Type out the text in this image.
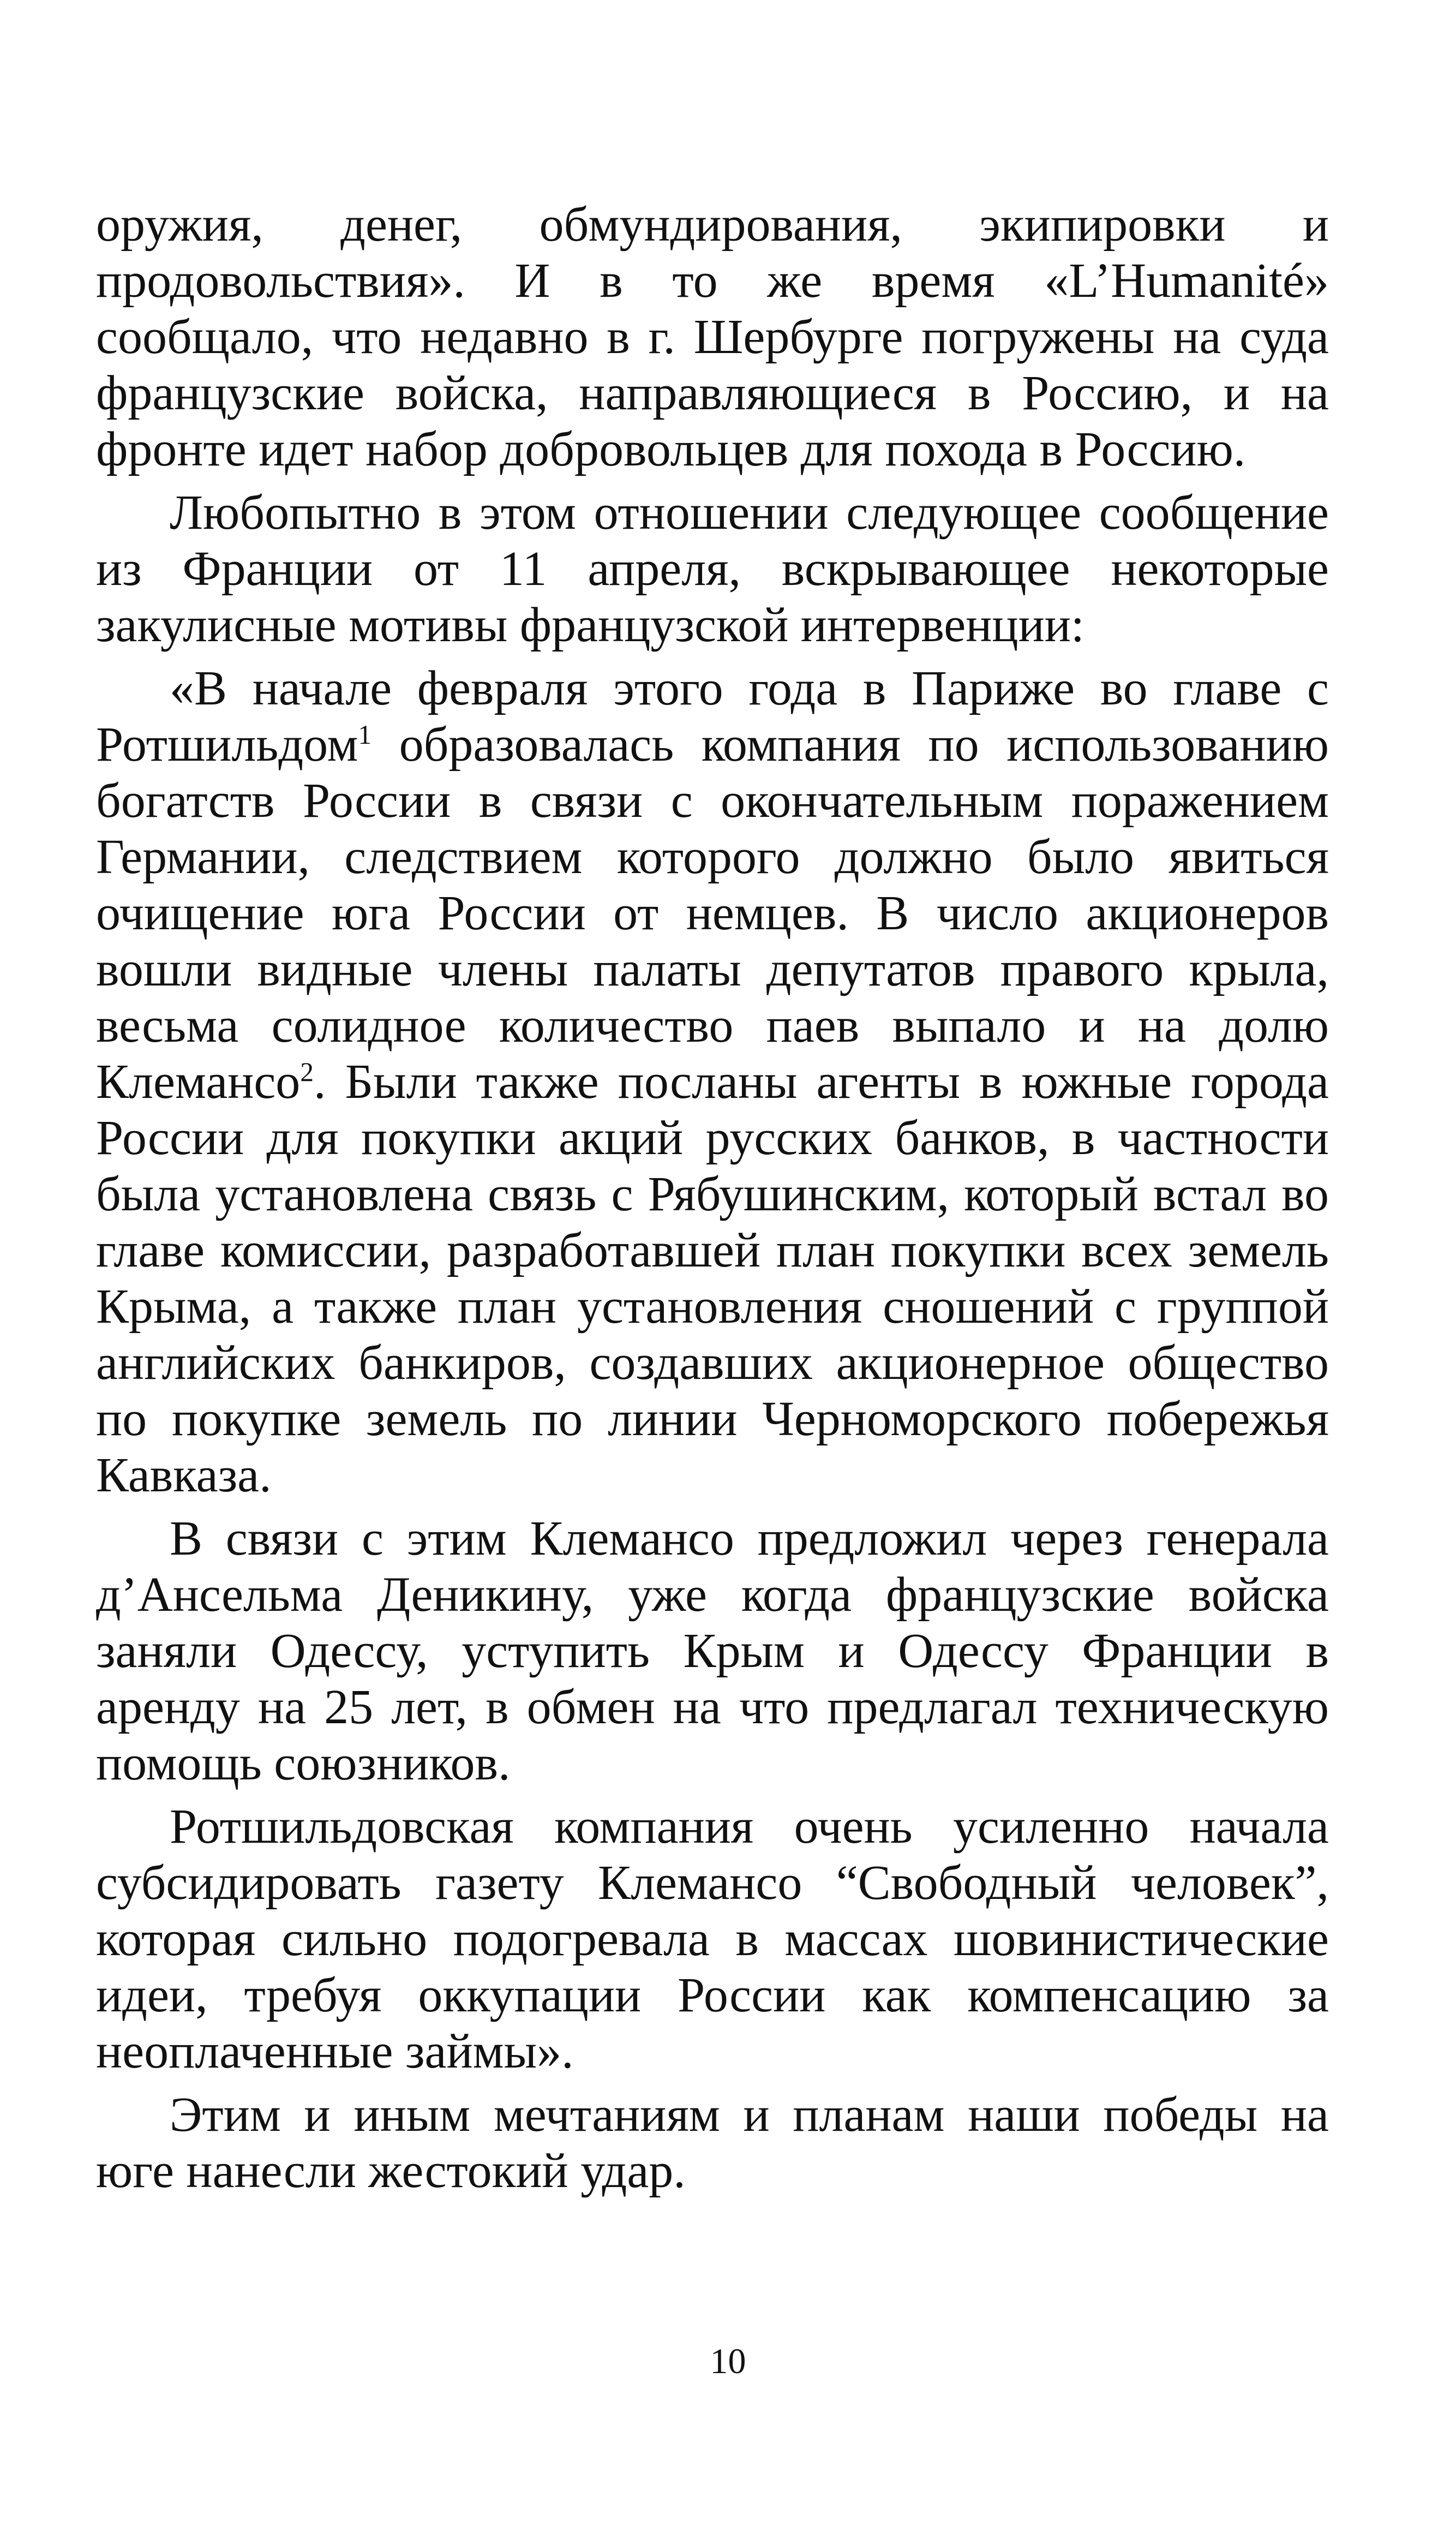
оружия, денег, обмундирования, экипировки и продовольствия». И в то же время «L’Humanité» сообщало, что недавно в г. Шербурге погружены на суда французские войска, направляющиеся в Россию, и на фронте идет набор добровольцев для похода в Россию.

Любопытно в этом отношении следующее сообщение из Франции от 11 апреля, вскрывающее некоторые закулисные мотивы французской интервенции:

«В начале февраля этого года в Париже во главе с Ротшильдом$^1$ образовалась компания по использованию богатств России в связи с окончательным поражением Германии, следствием которого должно было явиться очищение юга России от немцев. В число акционеров вошли видные члены палаты депутатов правого крыла, весьма солидное количество паев выпало и на долю Клемансо$^2$. Были также посланы агенты в южные города России для покупки акций русских банков, в частности была установлена связь с Рябушинским, который встал во главе комиссии, разработавшей план покупки всех земель Крыма, а также план установления сношений с группой английских банкиров, создавших акционерное общество по покупке земель по линии Черноморского побережья Кавказа.

В связи с этим Клемансо предложил через генерала д’Ансельма Деникину, уже когда французские войска заняли Одессу, уступить Крым и Одессу Франции в аренду на 25 лет, в обмен на что предлагал техническую помощь союзников.

Ротшильдовская компания очень усиленно начала субсидировать газету Клемансо “Свободный человек”, которая сильно подогревала в массах шовинистические идеи, требуя оккупации России как компенсацию за неоплаченные займы».

Этим и иным мечтаниям и планам наши победы на юге нанесли жестокий удар.

10
